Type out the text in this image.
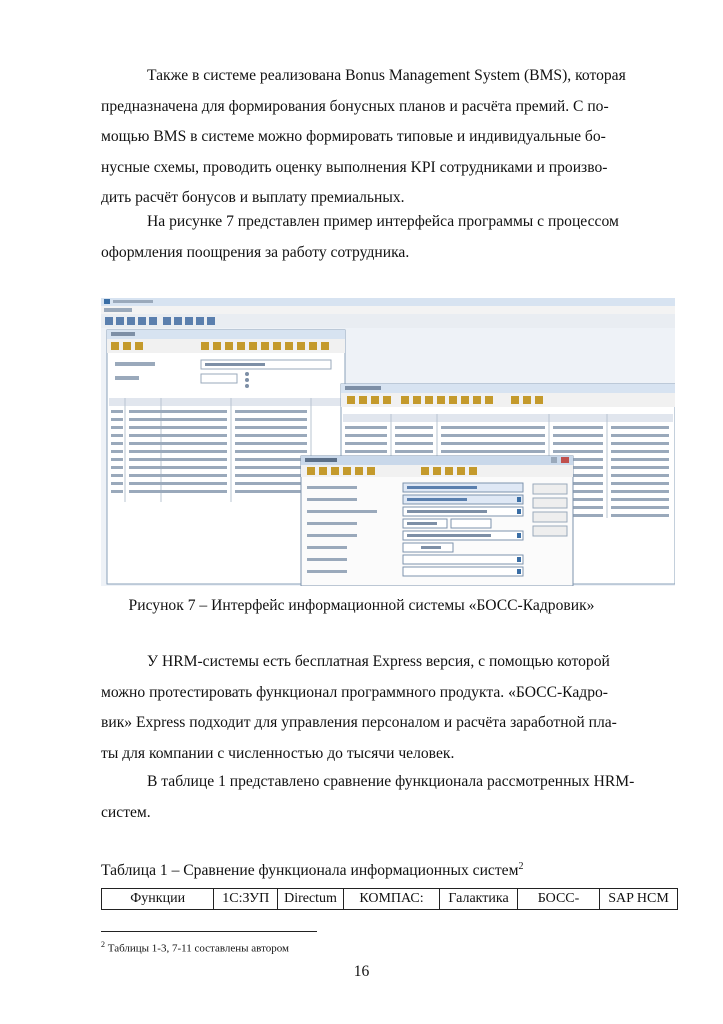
Также в системе реализована Bonus Management System (BMS), которая
предназначена для формирования бонусных планов и расчёта премий. С по-
мощью BMS в системе можно формировать типовые и индивидуальные бо-
нусные схемы, проводить оценку выполнения KPI сотрудниками и произво-
дить расчёт бонусов и выплату премиальных.
На рисунке 7 представлен пример интерфейса программы с процессом
оформления поощрения за работу сотрудника.
Рисунок 7 – Интерфейс информационной системы «БОСС-Кадровик»
У HRM-системы есть бесплатная Express версия, с помощью которой
можно протестировать функционал программного продукта. «БОСС-Кадро-
вик» Express подходит для управления персоналом и расчёта заработной пла-
ты для компании с численностью до тысячи человек.
В таблице 1 представлено сравнение функционала рассмотренных HRM-
систем.
Таблица 1 – Сравнение функционала информационных систем$^2$
Функции	1С:ЗУП	Directum	КОМПАС:	Галактика	БОСС-	SAP HCM
$^2$ Таблицы 1-3, 7-11 составлены автором
16
